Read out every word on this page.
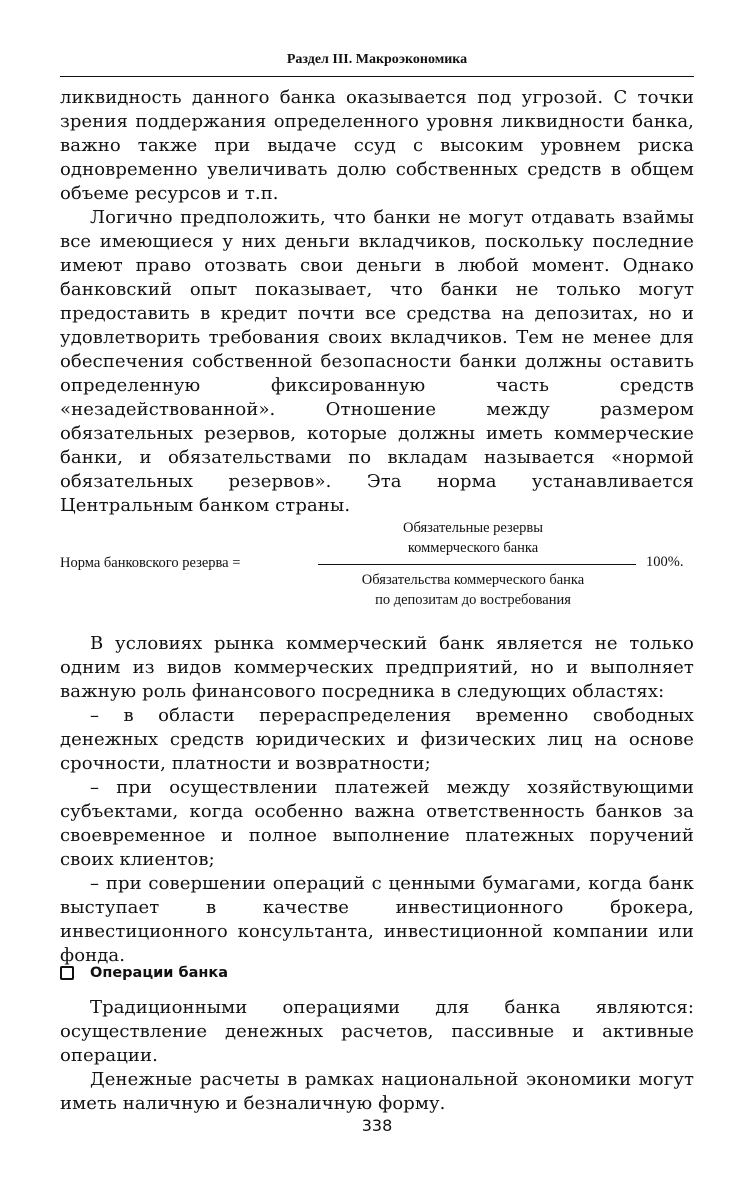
Раздел III. Макроэкономика

ликвидность данного банка оказывается под угрозой. С точки зрения поддержания определенного уровня ликвидности банка, важно также при выдаче ссуд с высоким уровнем риска одновременно увеличивать долю собственных средств в общем объеме ресурсов и т.п.

Логично предположить, что банки не могут отдавать взаймы все имеющиеся у них деньги вкладчиков, поскольку последние имеют право отозвать свои деньги в любой момент. Однако банковский опыт показывает, что банки не только могут предоставить в кредит почти все средства на депозитах, но и удовлетворить требования своих вкладчиков. Тем не менее для обеспечения собственной безопасности банки должны оставить определенную фиксированную часть средств «незадействованной». Отношение между размером обязательных резервов, которые должны иметь коммерческие банки, и обязательствами по вкладам называется «нормой обязательных резервов». Эта норма устанавливается Центральным банком страны.

Норма банковского резерва =
Обязательные резервы
коммерческого банка
Обязательства коммерческого банка
по депозитам до востребования
100%.

В условиях рынка коммерческий банк является не только одним из видов коммерческих предприятий, но и выполняет важную роль финансового посредника в следующих областях:

– в области перераспределения временно свободных денежных средств юридических и физических лиц на основе срочности, платности и возвратности;

– при осуществлении платежей между хозяйствующими субъектами, когда особенно важна ответственность банков за своевременное и полное выполнение платежных поручений своих клиентов;

– при совершении операций с ценными бумагами, когда банк выступает в качестве инвестиционного брокера, инвестиционного консультанта, инвестиционной компании или фонда.

Операции банка

Традиционными операциями для банка являются: осуществление денежных расчетов, пассивные и активные операции.

Денежные расчеты в рамках национальной экономики могут иметь наличную и безналичную форму.

338
